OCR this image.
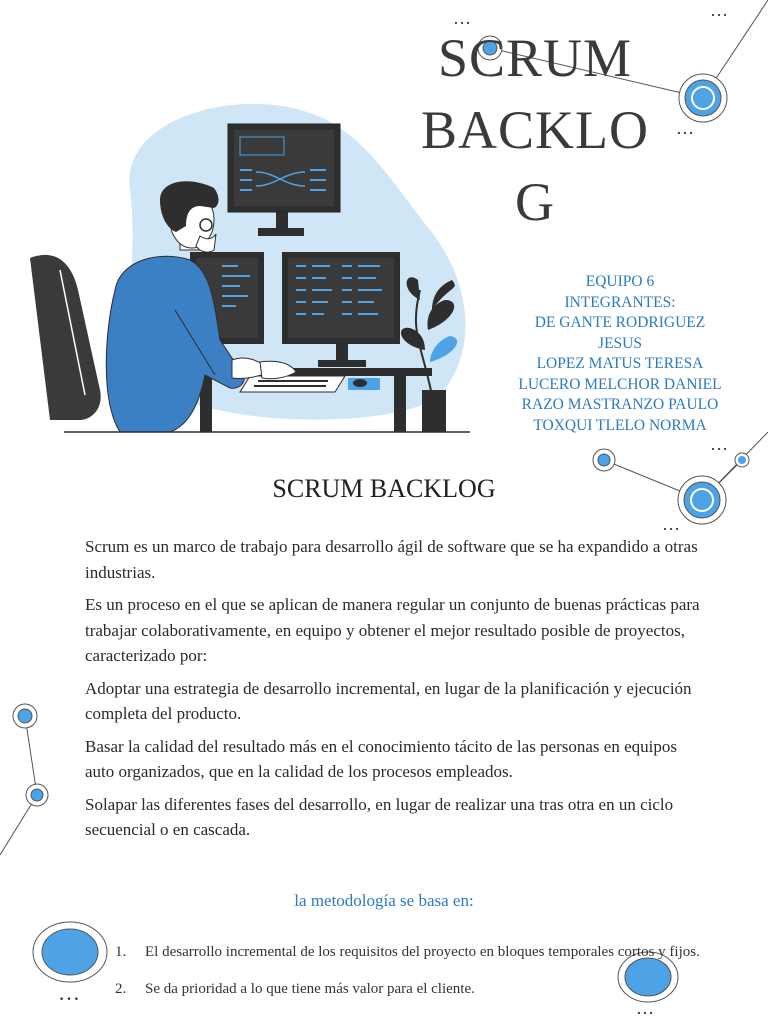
…	…
…
…
…
…
…
SCRUM
BACKLO
G
EQUIPO 6
INTEGRANTES:
DE GANTE RODRIGUEZ
JESUS
LOPEZ MATUS TERESA
LUCERO MELCHOR DANIEL
RAZO MASTRANZO PAULO
TOXQUI TLELO NORMA
SCRUM BACKLOG

Scrum es un marco de trabajo para desarrollo ágil de software que se ha expandido a otras industrias.

Es un proceso en el que se aplican de manera regular un conjunto de buenas prácticas para trabajar colaborativamente, en equipo y obtener el mejor resultado posible de proyectos, caracterizado por:

Adoptar una estrategia de desarrollo incremental, en lugar de la planificación y ejecución completa del producto.

Basar la calidad del resultado más en el conocimiento tácito de las personas en equipos auto organizados, que en la calidad de los procesos empleados.

Solapar las diferentes fases del desarrollo, en lugar de realizar una tras otra en un ciclo secuencial o en cascada.

la metodología se basa en:
1. El desarrollo incremental de los requisitos del proyecto en bloques temporales cortos y fijos.
2. Se da prioridad a lo que tiene más valor para el cliente.
